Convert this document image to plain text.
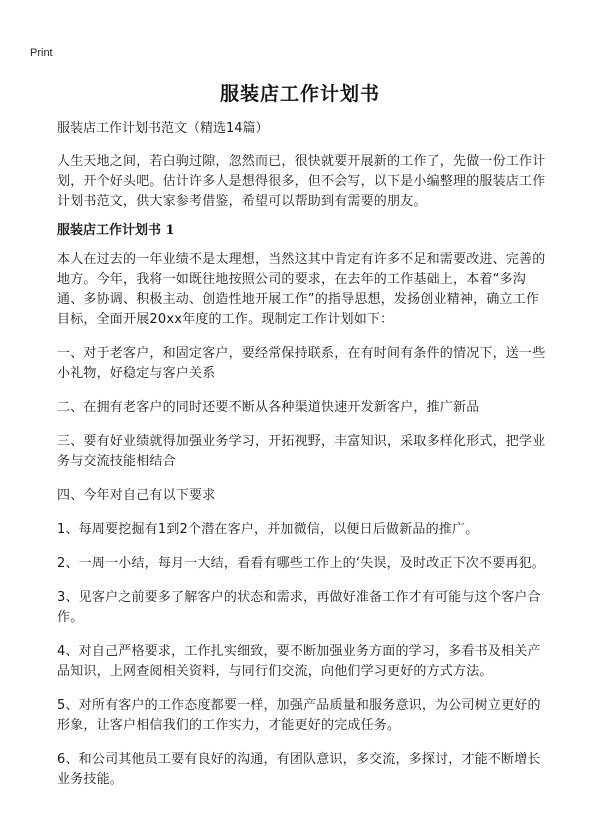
Print
服装店工作计划书
服装店工作计划书范文（精选14篇）

人生天地之间，若白驹过隙，忽然而已，很快就要开展新的工作了，先做一份工作计划，开个好头吧。估计许多人是想得很多，但不会写，以下是小编整理的服装店工作计划书范文，供大家参考借鉴，希望可以帮助到有需要的朋友。

服装店工作计划书 1

本人在过去的一年业绩不是太理想，当然这其中肯定有许多不足和需要改进、完善的地方。今年，我将一如既往地按照公司的要求，在去年的工作基础上，本着“多沟通、多协调、积极主动、创造性地开展工作”的指导思想，发扬创业精神，确立工作目标，全面开展20xx年度的工作。现制定工作计划如下：

一、对于老客户，和固定客户，要经常保持联系，在有时间有条件的情况下，送一些小礼物，好稳定与客户关系

二、在拥有老客户的同时还要不断从各种渠道快速开发新客户，推广新品

三、要有好业绩就得加强业务学习，开拓视野，丰富知识，采取多样化形式，把学业务与交流技能相结合

四、今年对自己有以下要求

1、每周要挖掘有1到2个潜在客户，并加微信，以便日后做新品的推广。

2、一周一小结，每月一大结，看看有哪些工作上的‘失误，及时改正下次不要再犯。

3、见客户之前要多了解客户的状态和需求，再做好准备工作才有可能与这个客户合作。

4、对自己严格要求，工作扎实细致，要不断加强业务方面的学习，多看书及相关产品知识，上网查阅相关资料，与同行们交流，向他们学习更好的方式方法。

5、对所有客户的工作态度都要一样，加强产品质量和服务意识，为公司树立更好的形象，让客户相信我们的工作实力，才能更好的完成任务。

6、和公司其他员工要有良好的沟通，有团队意识，多交流，多探讨，才能不断增长业务技能。
